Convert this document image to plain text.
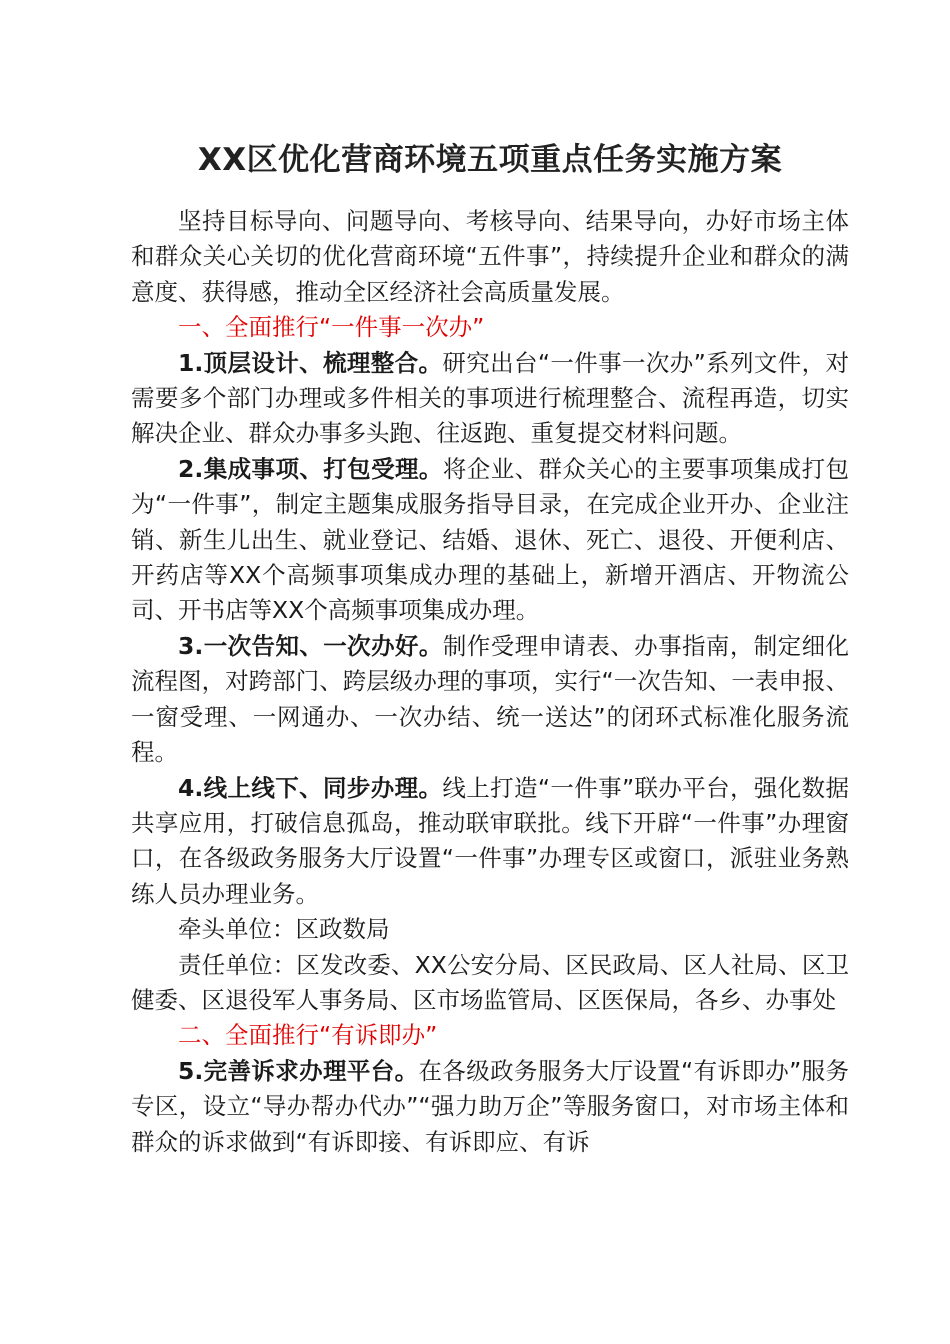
XX区优化营商环境五项重点任务实施方案

坚持目标导向、问题导向、考核导向、结果导向，办好市场主体和群众关心关切的优化营商环境“五件事”，持续提升企业和群众的满意度、获得感，推动全区经济社会高质量发展。

一、全面推行“一件事一次办”

1.顶层设计、梳理整合。研究出台“一件事一次办”系列文件，对需要多个部门办理或多件相关的事项进行梳理整合、流程再造，切实解决企业、群众办事多头跑、往返跑、重复提交材料问题。

2.集成事项、打包受理。将企业、群众关心的主要事项集成打包为“一件事”，制定主题集成服务指导目录，在完成企业开办、企业注销、新生儿出生、就业登记、结婚、退休、死亡、退役、开便利店、开药店等XX个高频事项集成办理的基础上，新增开酒店、开物流公司、开书店等XX个高频事项集成办理。

3.一次告知、一次办好。制作受理申请表、办事指南，制定细化流程图，对跨部门、跨层级办理的事项，实行“一次告知、一表申报、一窗受理、一网通办、一次办结、统一送达”的闭环式标准化服务流程。

4.线上线下、同步办理。线上打造“一件事”联办平台，强化数据共享应用，打破信息孤岛，推动联审联批。线下开辟“一件事”办理窗口，在各级政务服务大厅设置“一件事”办理专区或窗口，派驻业务熟练人员办理业务。

牵头单位：区政数局

责任单位：区发改委、XX公安分局、区民政局、区人社局、区卫健委、区退役军人事务局、区市场监管局、区医保局，各乡、办事处

二、全面推行“有诉即办”

5.完善诉求办理平台。在各级政务服务大厅设置“有诉即办”服务专区，设立“导办帮办代办”“强力助万企”等服务窗口，对市场主体和群众的诉求做到“有诉即接、有诉即应、有诉
